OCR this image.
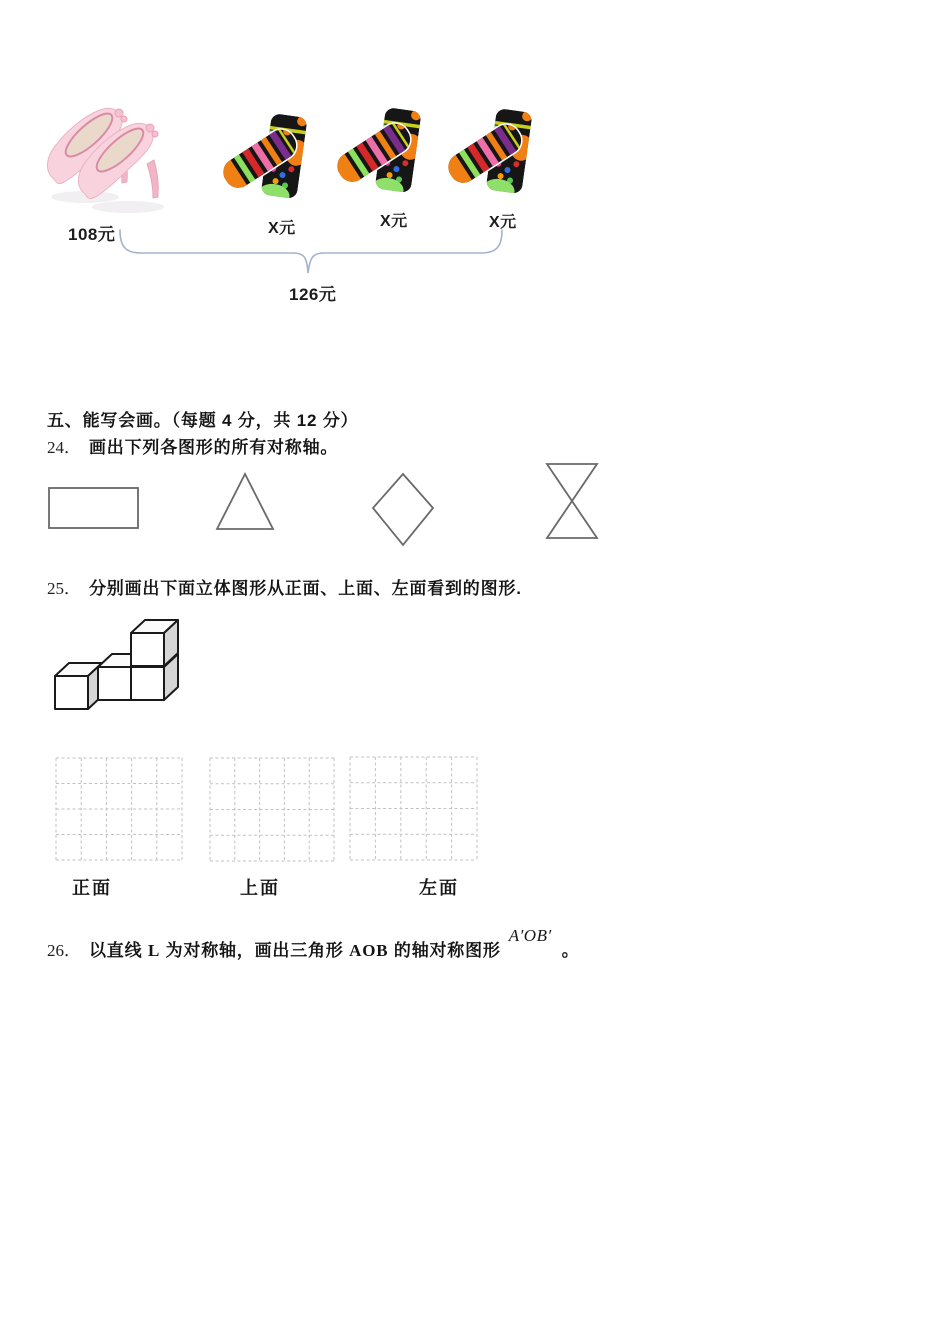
108元	X元	X元	X元
126元
五、能写会画。（每题 4 分，共 12 分）
24． 画出下列各图形的所有对称轴。
25． 分别画出下面立体图形从正面、上面、左面看到的图形.
正面	上面	左面
26． 以直线 L 为对称轴，画出三角形 AOB 的轴对称图形
A′OB′
。
